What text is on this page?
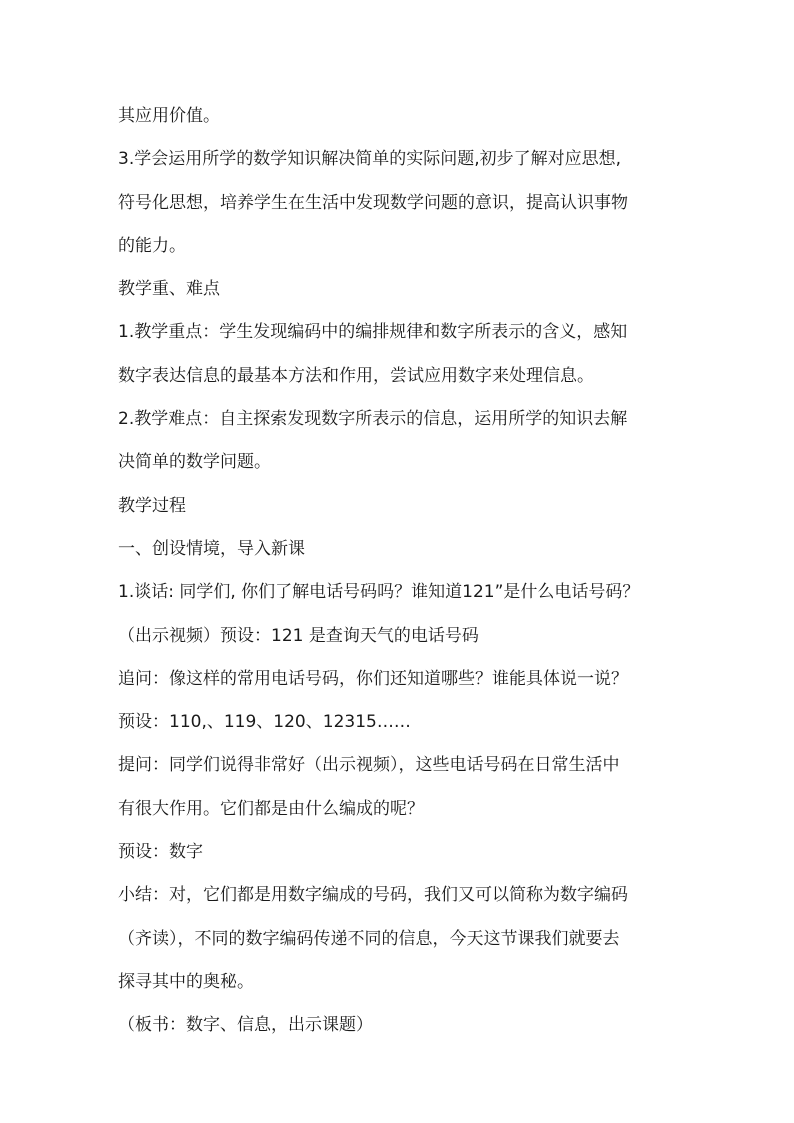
其应用价值。
3.学会运用所学的数学知识解决简单的实际问题,初步了解对应思想,
符号化思想，培养学生在生活中发现数学问题的意识，提高认识事物
的能力。
教学重、难点
1.教学重点：学生发现编码中的编排规律和数字所表示的含义，感知
数字表达信息的最基本方法和作用，尝试应用数字来处理信息。
2.教学难点：自主探索发现数字所表示的信息，运用所学的知识去解
决简单的数学问题。
教学过程
一、创设情境，导入新课
1.谈话: 同学们, 你们了解电话号码吗？谁知道121”是什么电话号码？
（出示视频）预设：121 是查询天气的电话号码
追问：像这样的常用电话号码，你们还知道哪些？谁能具体说一说？
预设：110,、119、120、12315……
提问：同学们说得非常好（出示视频），这些电话号码在日常生活中
有很大作用。它们都是由什么编成的呢？
预设：数字
小结：对，它们都是用数字编成的号码，我们又可以简称为数字编码
（齐读），不同的数字编码传递不同的信息，今天这节课我们就要去
探寻其中的奥秘。
（板书：数字、信息，出示课题）
